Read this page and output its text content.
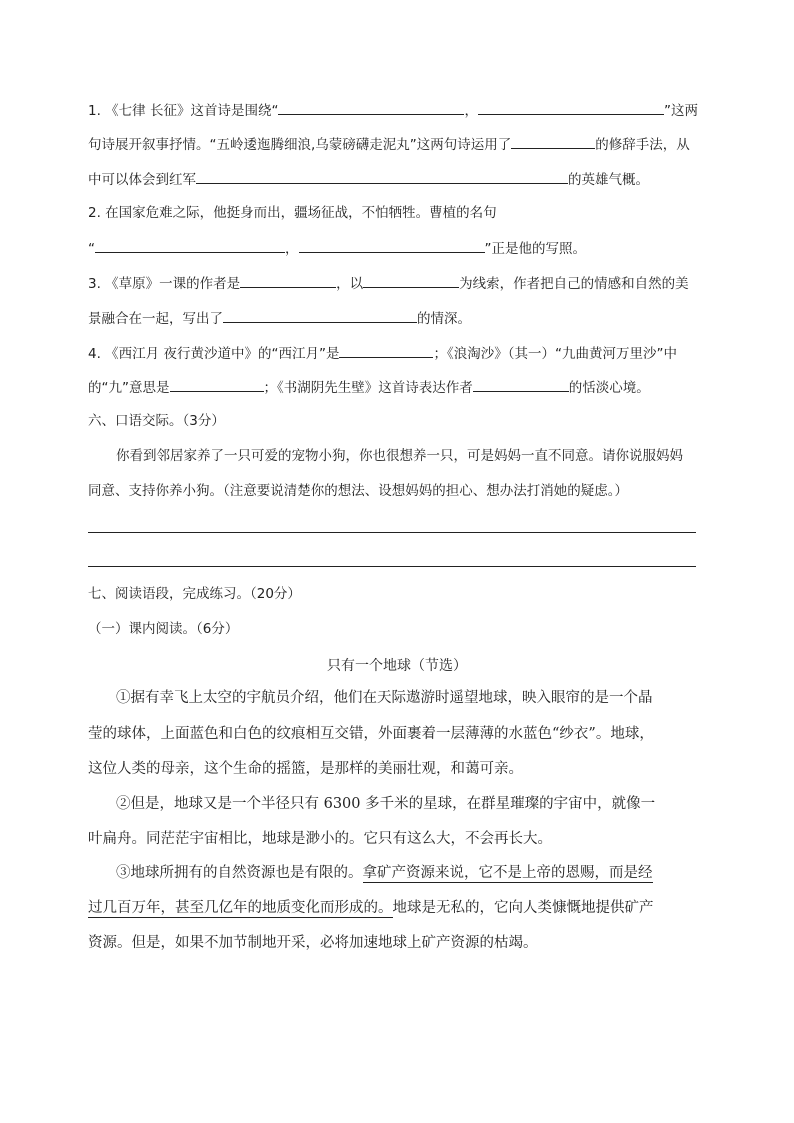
1. 《七律 长征》这首诗是围绕“	，	”这两
句诗展开叙事抒情。“五岭逶迤腾细浪,乌蒙磅礴走泥丸”这两句诗运用了	的修辞手法，从
中可以体会到红军	的英雄气概。
2. 在国家危难之际，他挺身而出，疆场征战，不怕牺牲。曹植的名句
“	，	”正是他的写照。
3. 《草原》一课的作者是	，以	为线索，作者把自己的情感和自然的美
景融合在一起，写出了	的情深。
4. 《西江月 夜行黄沙道中》的“西江月”是	；《浪淘沙》（其一）“九曲黄河万里沙”中
的“九”意思是	；《书湖阴先生壁》这首诗表达作者	的恬淡心境。
六、口语交际。（3分）
你看到邻居家养了一只可爱的宠物小狗，你也很想养一只，可是妈妈一直不同意。请你说服妈妈
同意、支持你养小狗。（注意要说清楚你的想法、设想妈妈的担心、想办法打消她的疑虑。）
七、阅读语段，完成练习。（20分）
（一）课内阅读。（6分）
只有一个地球（节选）
①据有幸飞上太空的宇航员介绍，他们在天际遨游时遥望地球，映入眼帘的是一个晶
莹的球体，上面蓝色和白色的纹痕相互交错，外面裹着一层薄薄的水蓝色“纱衣”。地球，
这位人类的母亲，这个生命的摇篮，是那样的美丽壮观，和蔼可亲。
②但是，地球又是一个半径只有 6300 多千米的星球，在群星璀璨的宇宙中，就像一
叶扁舟。同茫茫宇宙相比，地球是渺小的。它只有这么大，不会再长大。
③地球所拥有的自然资源也是有限的。拿矿产资源来说，它不是上帝的恩赐，而是经
过几百万年，甚至几亿年的地质变化而形成的。地球是无私的，它向人类慷慨地提供矿产
资源。但是，如果不加节制地开采，必将加速地球上矿产资源的枯竭。
